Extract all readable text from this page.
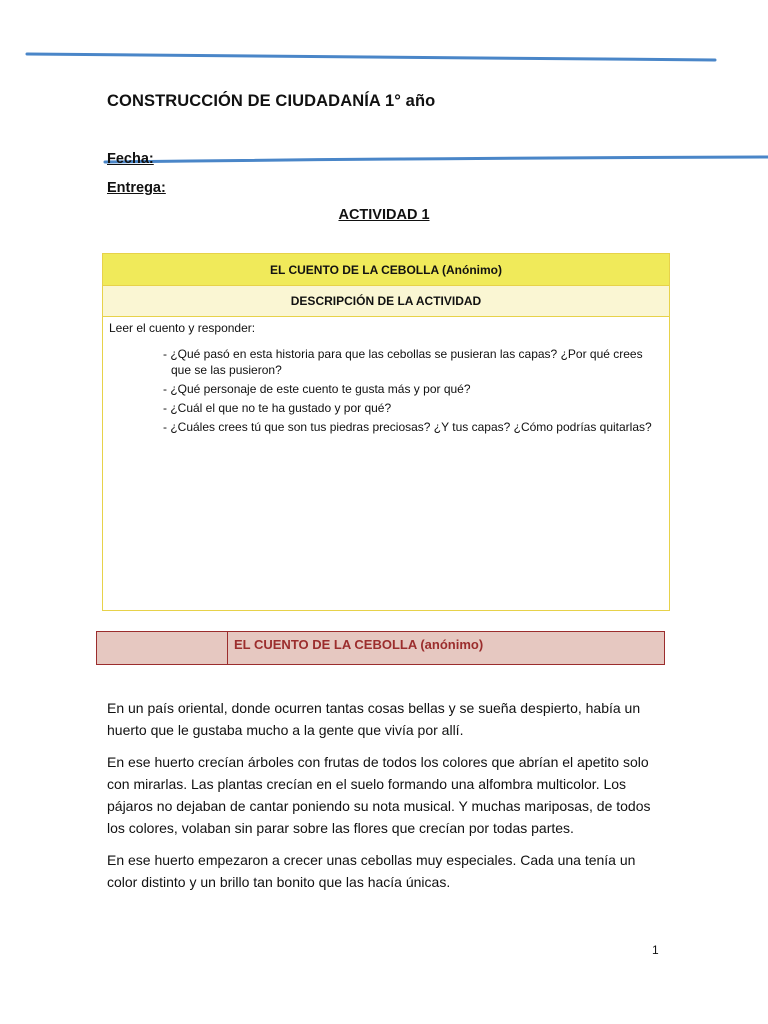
CONSTRUCCIÓN DE CIUDADANÍA 1° año
Fecha:
Entrega:
ACTIVIDAD 1
EL CUENTO DE LA CEBOLLA (Anónimo)
DESCRIPCIÓN DE LA ACTIVIDAD

Leer el cuento y responder:

- ¿Qué pasó en esta historia para que las cebollas se pusieran las capas? ¿Por qué crees que se las pusieron?
- ¿Qué personaje de este cuento te gusta más y por qué?
- ¿Cuál el que no te ha gustado y por qué?
- ¿Cuáles crees tú que son tus piedras preciosas? ¿Y tus capas? ¿Cómo podrías quitarlas?
EL CUENTO DE LA CEBOLLA (anónimo)

En un país oriental, donde ocurren tantas cosas bellas y se sueña despierto, había un huerto que le gustaba mucho a la gente que vivía por allí.

En ese huerto crecían árboles con frutas de todos los colores que abrían el apetito solo con mirarlas. Las plantas crecían en el suelo formando una alfombra multicolor. Los pájaros no dejaban de cantar poniendo su nota musical. Y muchas mariposas, de todos los colores, volaban sin parar sobre las flores que crecían por todas partes.

En ese huerto empezaron a crecer unas cebollas muy especiales. Cada una tenía un color distinto y un brillo tan bonito que las hacía únicas.

1
